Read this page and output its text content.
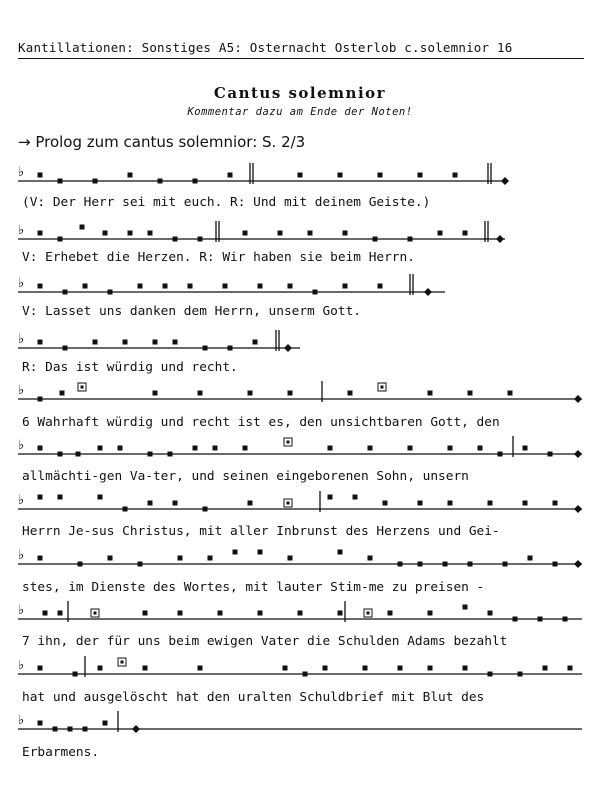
Kantillationen: Sonstiges A5: Osternacht Osterlob c.solemnior 16
Cantus solemnior
Kommentar dazu am Ende der Noten!
→ Prolog zum cantus solemnior: S. 2/3
♭
(V: Der Herr sei mit euch. R: Und mit deinem Geiste.)
♭
V: Erhebet die Herzen. R: Wir haben sie beim Herrn.
♭
V: Lasset uns danken dem Herrn, unserm Gott.
♭
R: Das ist würdig und recht.
♭
6 Wahrhaft würdig und recht ist es, den unsichtbaren Gott, den
♭
allmächti-gen Va-ter, und seinen eingeborenen Sohn, unsern
♭
Herrn Je-sus Christus, mit aller Inbrunst des Herzens und Gei-
♭
stes, im Dienste des Wortes, mit lauter Stim-me zu preisen -
♭
7 ihn, der für uns beim ewigen Vater die Schulden Adams bezahlt
♭
hat und ausgelöscht hat den uralten Schuldbrief mit Blut des
♭
Erbarmens.
